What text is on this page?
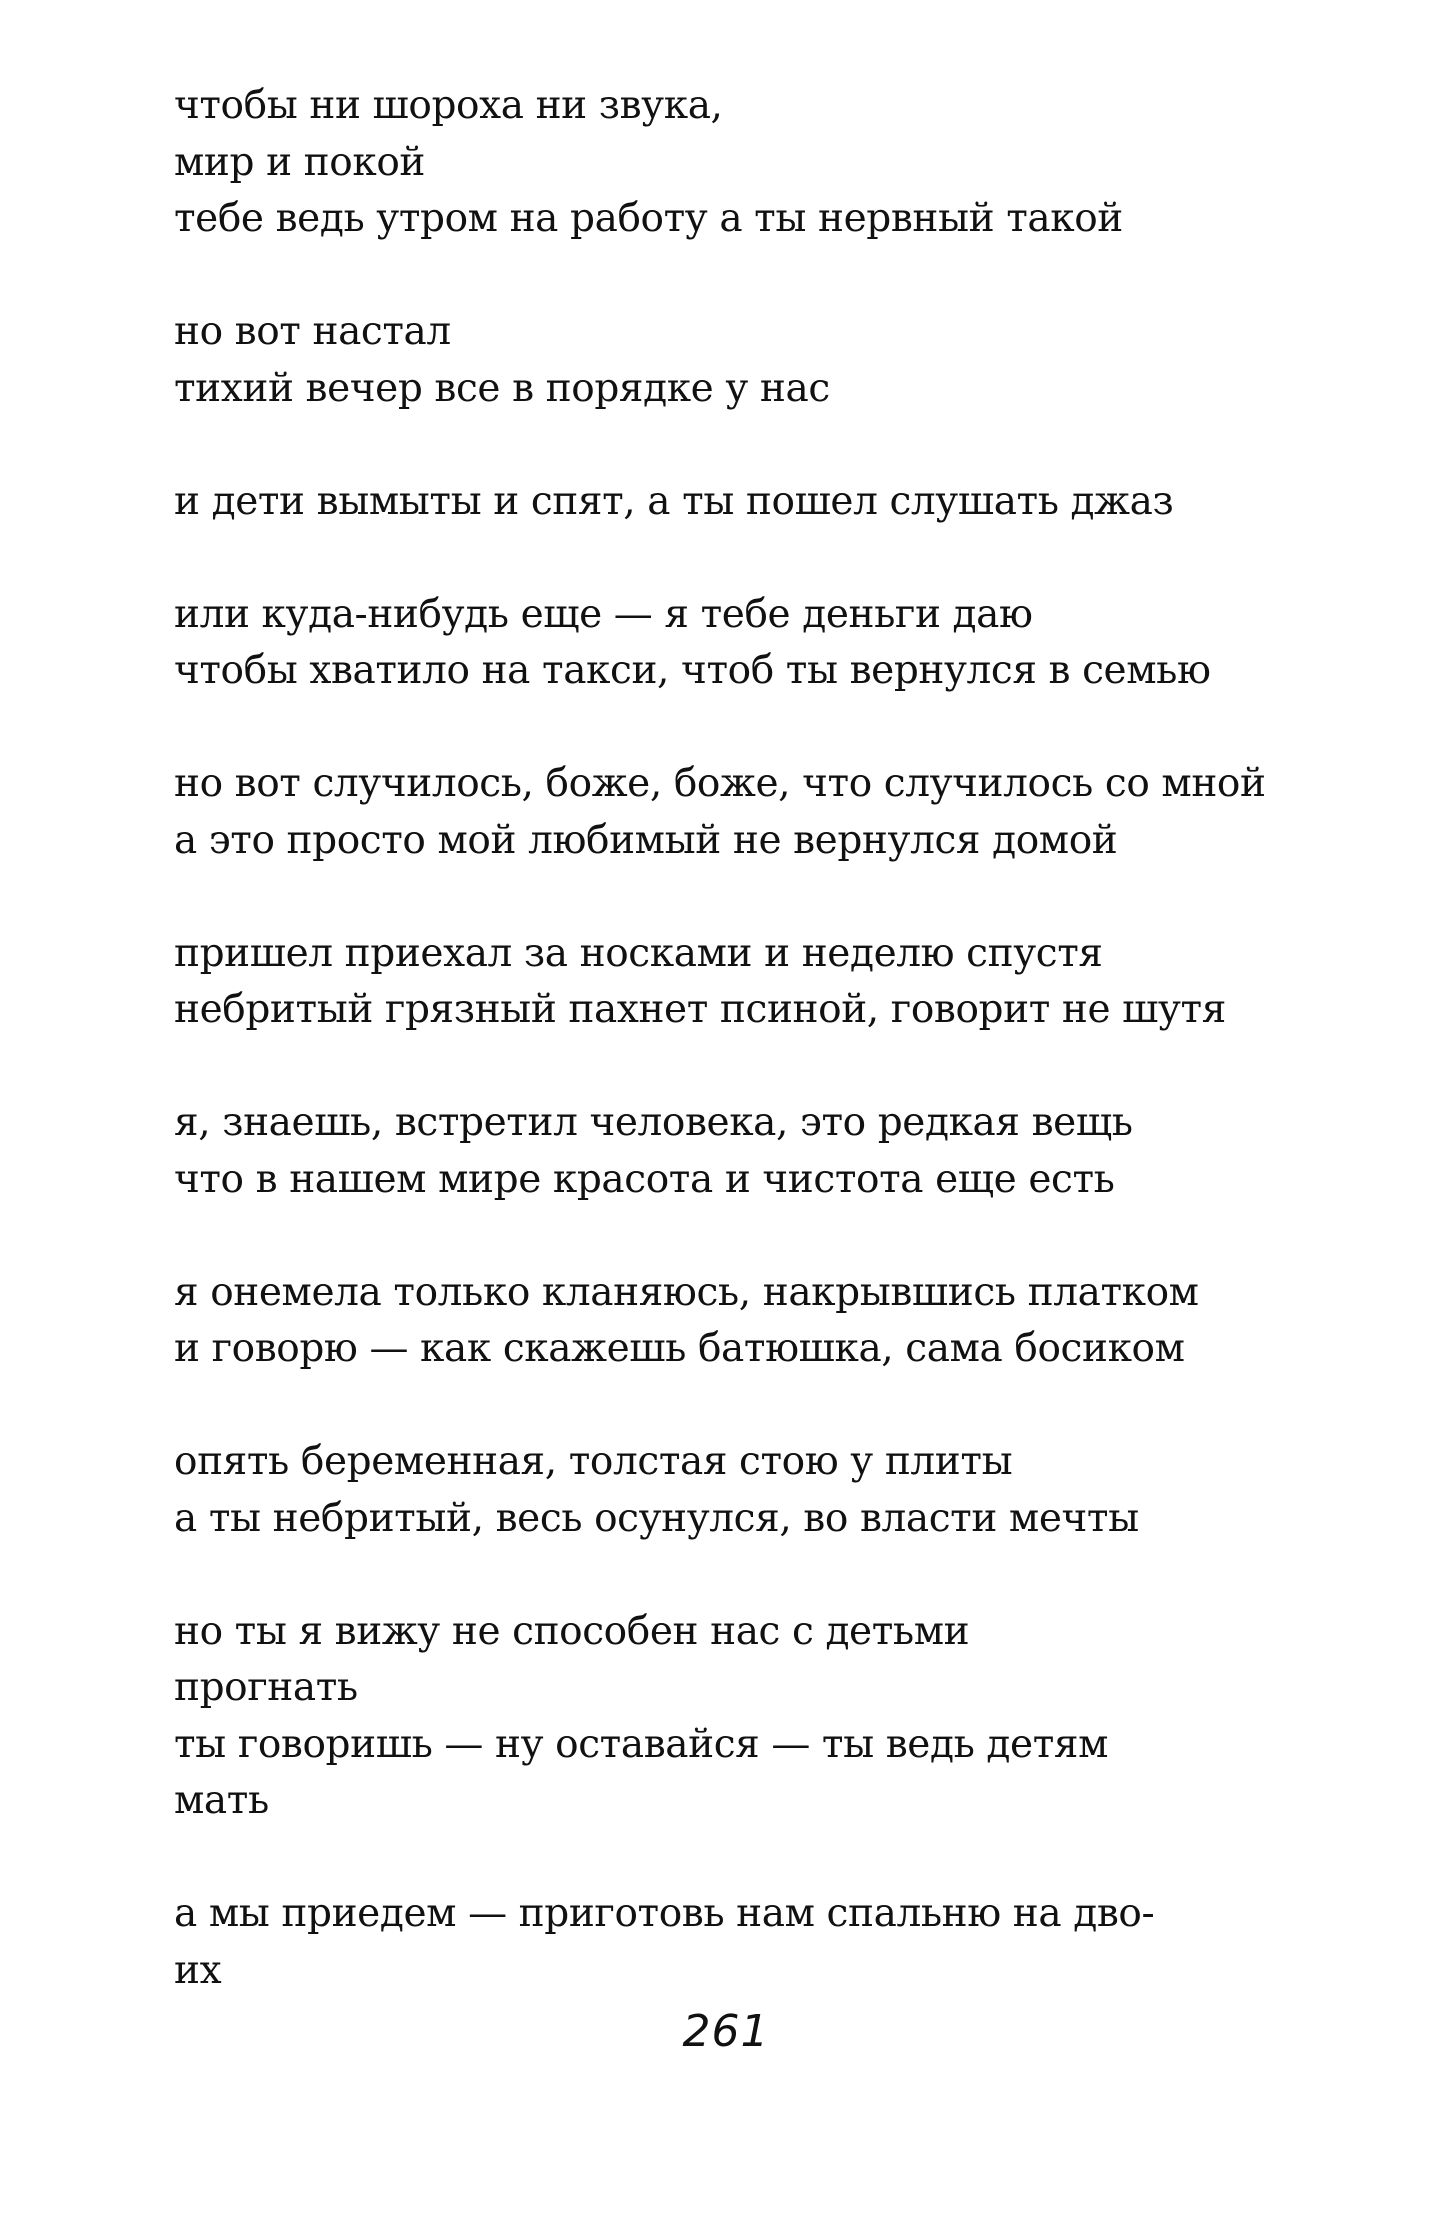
чтобы ни шороха ни звука,
мир и покой
тебе ведь утром на работу а ты нервный такой
но вот настал
тихий вечер все в порядке у нас
и дети вымыты и спят, а ты пошел слушать джаз
или куда-нибудь еще — я тебе деньги даю
чтобы хватило на такси, чтоб ты вернулся в семью
но вот случилось, боже, боже, что случилось со мной
а это просто мой любимый не вернулся домой
пришел приехал за носками и неделю спустя
небритый грязный пахнет псиной, говорит не шутя
я, знаешь, встретил человека, это редкая вещь
что в нашем мире красота и чистота еще есть
я онемела только кланяюсь, накрывшись платком
и говорю — как скажешь батюшка, сама босиком
опять беременная, толстая стою у плиты
а ты небритый, весь осунулся, во власти мечты
но ты я вижу не способен нас с детьми
прогнать
ты говоришь — ну оставайся — ты ведь детям
мать
а мы приедем — приготовь нам спальню на дво-
их
261
